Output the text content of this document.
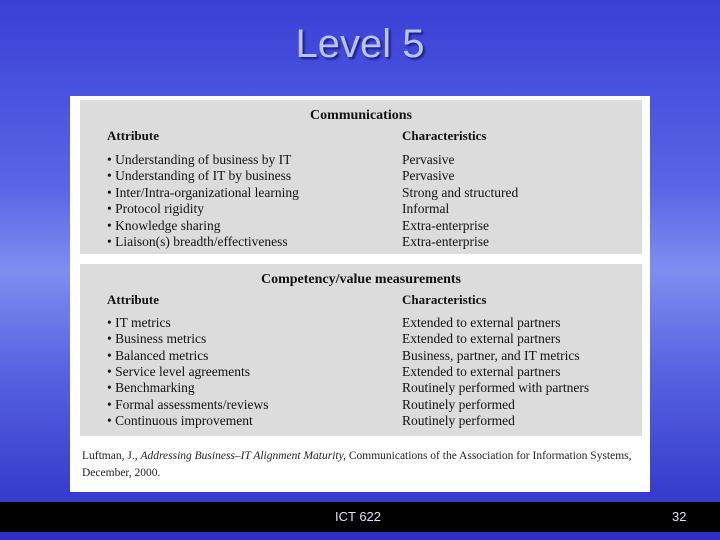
Level 5
Communications
Attribute	Characteristics
• Understanding of business by IT	Pervasive
• Understanding of IT by business	Pervasive
• Inter/Intra-organizational learning	Strong and structured
• Protocol rigidity	Informal
• Knowledge sharing	Extra-enterprise
• Liaison(s) breadth/effectiveness	Extra-enterprise
Competency/value measurements
Attribute	Characteristics
• IT metrics	Extended to external partners
• Business metrics	Extended to external partners
• Balanced metrics	Business, partner, and IT metrics
• Service level agreements	Extended to external partners
• Benchmarking	Routinely performed with partners
• Formal assessments/reviews	Routinely performed
• Continuous improvement	Routinely performed
Luftman, J., Addressing Business–IT Alignment Maturity, Communications of the Association for Information Systems, December, 2000.
ICT 622	32
